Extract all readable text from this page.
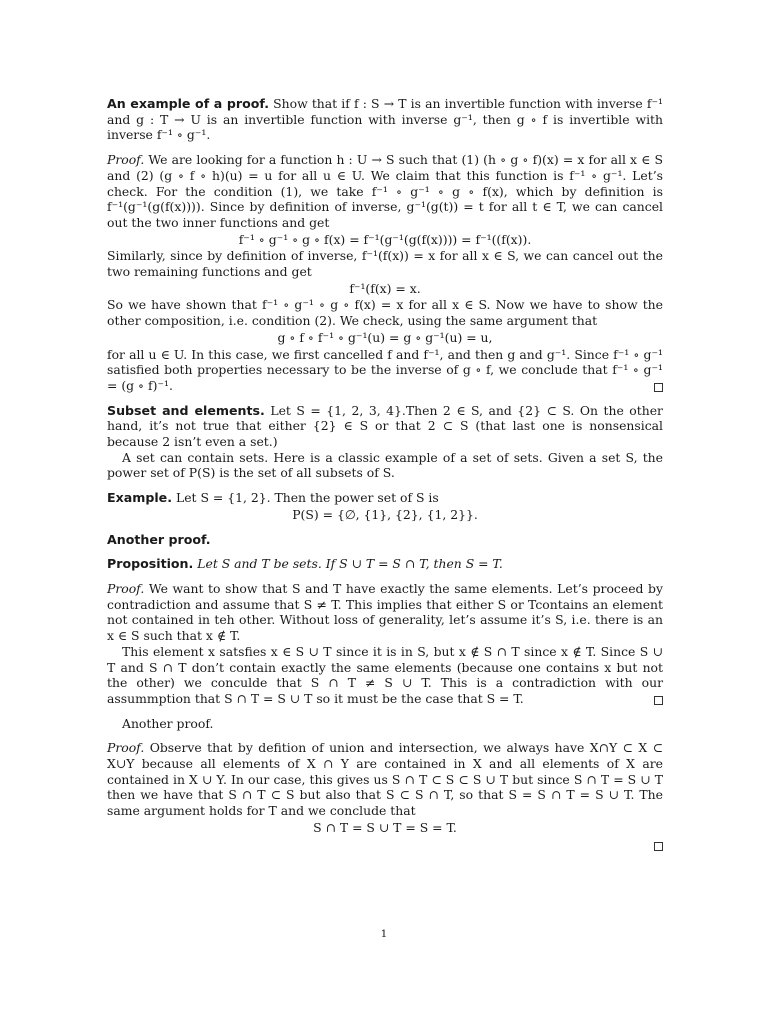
An example of a proof. Show that if f : S → T is an invertible function with inverse f⁻¹ and g : T → U is an invertible function with inverse g⁻¹, then g ∘ f is invertible with inverse f⁻¹ ∘ g⁻¹.

Proof. We are looking for a function h : U → S such that (1) (h ∘ g ∘ f)(x) = x for all x ∈ S and (2) (g ∘ f ∘ h)(u) = u for all u ∈ U. We claim that this function is f⁻¹ ∘ g⁻¹. Let’s check. For the condition (1), we take f⁻¹ ∘ g⁻¹ ∘ g ∘ f(x), which by definition is f⁻¹(g⁻¹(g(f(x)))). Since by definition of inverse, g⁻¹(g(t)) = t for all t ∈ T, we can cancel out the two inner functions and get

f⁻¹ ∘ g⁻¹ ∘ g ∘ f(x) = f⁻¹(g⁻¹(g(f(x)))) = f⁻¹((f(x)).

Similarly, since by definition of inverse, f⁻¹(f(x)) = x for all x ∈ S, we can cancel out the two remaining functions and get

f⁻¹(f(x) = x.

So we have shown that f⁻¹ ∘ g⁻¹ ∘ g ∘ f(x) = x for all x ∈ S. Now we have to show the other composition, i.e. condition (2). We check, using the same argument that

g ∘ f ∘ f⁻¹ ∘ g⁻¹(u) = g ∘ g⁻¹(u) = u,

for all u ∈ U. In this case, we first cancelled f and f⁻¹, and then g and g⁻¹. Since f⁻¹ ∘ g⁻¹ satisfied both properties necessary to be the inverse of g ∘ f, we conclude that f⁻¹ ∘ g⁻¹ = (g ∘ f)⁻¹.

Subset and elements. Let S = {1, 2, 3, 4}.Then 2 ∈ S, and {2} ⊂ S. On the other hand, it’s not true that either {2} ∈ S or that 2 ⊂ S (that last one is nonsensical because 2 isn’t even a set.)

A set can contain sets. Here is a classic example of a set of sets. Given a set S, the power set of P(S) is the set of all subsets of S.

Example. Let S = {1, 2}. Then the power set of S is

P(S) = {∅, {1}, {2}, {1, 2}}.

Another proof.

Proposition. Let S and T be sets. If S ∪ T = S ∩ T, then S = T.

Proof. We want to show that S and T have exactly the same elements. Let’s proceed by contradiction and assume that S ≠ T. This implies that either S or Tcontains an element not contained in teh other. Without loss of generality, let’s assume it’s S, i.e. there is an x ∈ S such that x ∉ T.

This element x satsfies x ∈ S ∪ T since it is in S, but x ∉ S ∩ T since x ∉ T. Since S ∪ T and S ∩ T don’t contain exactly the same elements (because one contains x but not the other) we conculde that S ∩ T ≠ S ∪ T. This is a contradiction with our assummption that S ∩ T = S ∪ T so it must be the case that S = T.

Another proof.

Proof. Observe that by defition of union and intersection, we always have X∩Y ⊂ X ⊂ X∪Y because all elements of X ∩ Y are contained in X and all elements of X are contained in X ∪ Y. In our case, this gives us S ∩ T ⊂ S ⊂ S ∪ T but since S ∩ T = S ∪ T then we have that S ∩ T ⊂ S but also that S ⊂ S ∩ T, so that S = S ∩ T = S ∪ T. The same argument holds for T and we conclude that

S ∩ T = S ∪ T = S = T.

1
